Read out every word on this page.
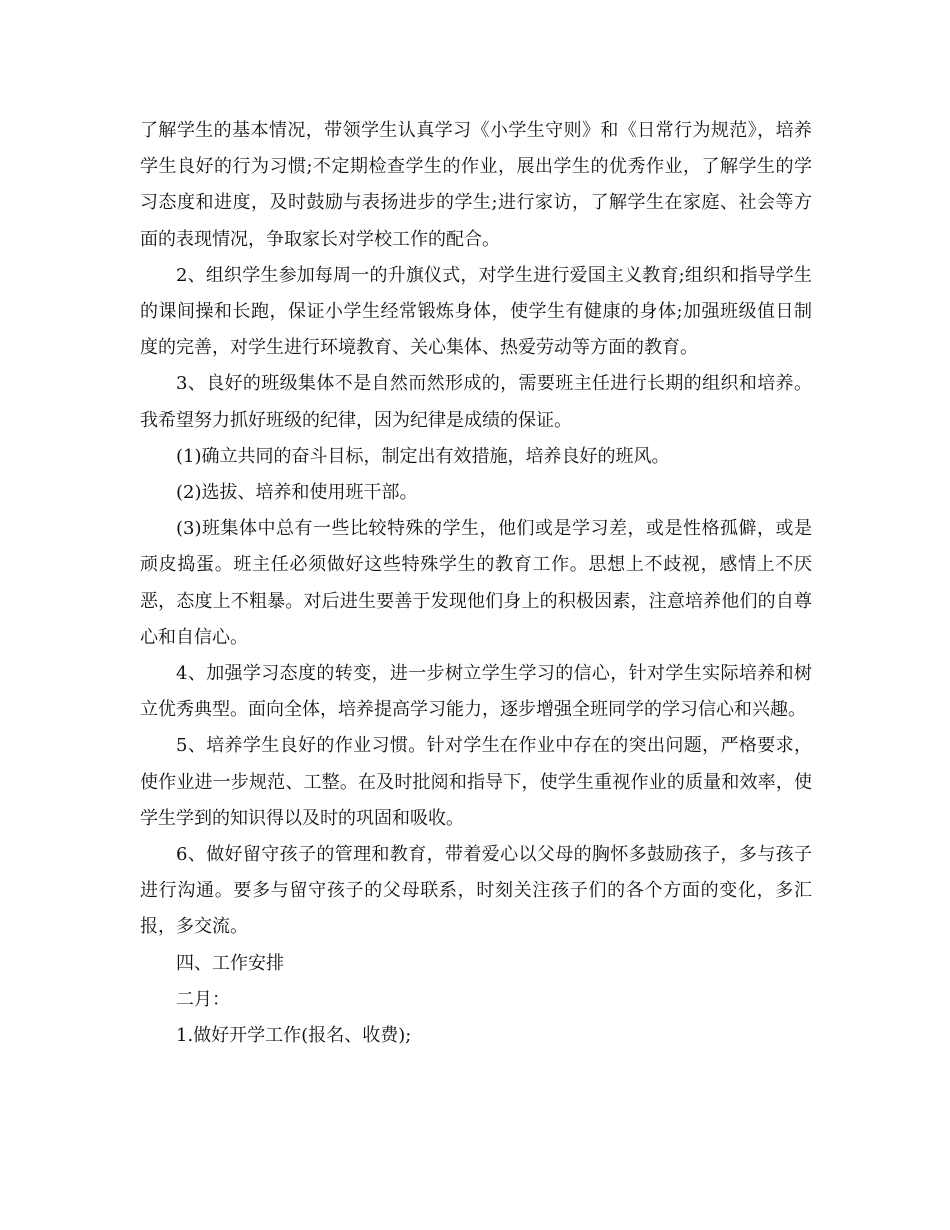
了解学生的基本情况，带领学生认真学习《小学生守则》和《日常行为规范》，培养学生良好的行为习惯;不定期检查学生的作业，展出学生的优秀作业，了解学生的学习态度和进度，及时鼓励与表扬进步的学生;进行家访，了解学生在家庭、社会等方面的表现情况，争取家长对学校工作的配合。

2、组织学生参加每周一的升旗仪式，对学生进行爱国主义教育;组织和指导学生的课间操和长跑，保证小学生经常锻炼身体，使学生有健康的身体;加强班级值日制度的完善，对学生进行环境教育、关心集体、热爱劳动等方面的教育。

3、良好的班级集体不是自然而然形成的，需要班主任进行长期的组织和培养。我希望努力抓好班级的纪律，因为纪律是成绩的保证。

(1)确立共同的奋斗目标，制定出有效措施，培养良好的班风。

(2)选拔、培养和使用班干部。

(3)班集体中总有一些比较特殊的学生，他们或是学习差，或是性格孤僻，或是顽皮捣蛋。班主任必须做好这些特殊学生的教育工作。思想上不歧视，感情上不厌恶，态度上不粗暴。对后进生要善于发现他们身上的积极因素，注意培养他们的自尊心和自信心。

4、加强学习态度的转变，进一步树立学生学习的信心，针对学生实际培养和树立优秀典型。面向全体，培养提高学习能力，逐步增强全班同学的学习信心和兴趣。

5、培养学生良好的作业习惯。针对学生在作业中存在的突出问题，严格要求，使作业进一步规范、工整。在及时批阅和指导下，使学生重视作业的质量和效率，使学生学到的知识得以及时的巩固和吸收。

6、做好留守孩子的管理和教育，带着爱心以父母的胸怀多鼓励孩子，多与孩子进行沟通。要多与留守孩子的父母联系，时刻关注孩子们的各个方面的变化，多汇报，多交流。

四、工作安排

二月：

1.做好开学工作(报名、收费);
